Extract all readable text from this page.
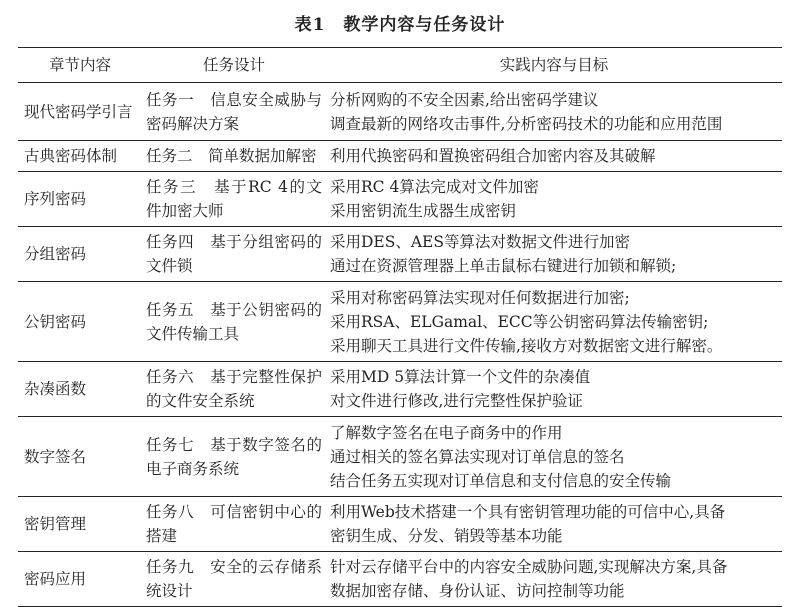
表1　教学内容与任务设计
章节内容	任务设计	实践内容与目标
现代密码学引言	任务一　信息安全威胁与密码解决方案	分析网购的不安全因素,给出密码学建议
调查最新的网络攻击事件,分析密码技术的功能和应用范围

古典密码体制	任务二　简单数据加解密	利用代换密码和置换密码组合加密内容及其破解

序列密码	任务三　基于RC 4的文件加密大师	采用RC 4算法完成对文件加密
采用密钥流生成器生成密钥

分组密码	任务四　基于分组密码的文件锁	采用DES、AES等算法对数据文件进行加密
通过在资源管理器上单击鼠标右键进行加锁和解锁;

公钥密码	任务五　基于公钥密码的文件传输工具	采用对称密码算法实现对任何数据进行加密;
采用RSA、ELGamal、ECC等公钥密码算法传输密钥;
采用聊天工具进行文件传输,接收方对数据密文进行解密。

杂凑函数	任务六　基于完整性保护的文件安全系统	采用MD 5算法计算一个文件的杂凑值
对文件进行修改,进行完整性保护验证

数字签名	任务七　基于数字签名的电子商务系统	了解数字签名在电子商务中的作用
通过相关的签名算法实现对订单信息的签名
结合任务五实现对订单信息和支付信息的安全传输

密钥管理	任务八　可信密钥中心的搭建	利用Web技术搭建一个具有密钥管理功能的可信中心,具备
密钥生成、分发、销毁等基本功能

密码应用	任务九　安全的云存储系统设计	针对云存储平台中的内容安全威胁问题,实现解决方案,具备
数据加密存储、身份认证、访问控制等功能
